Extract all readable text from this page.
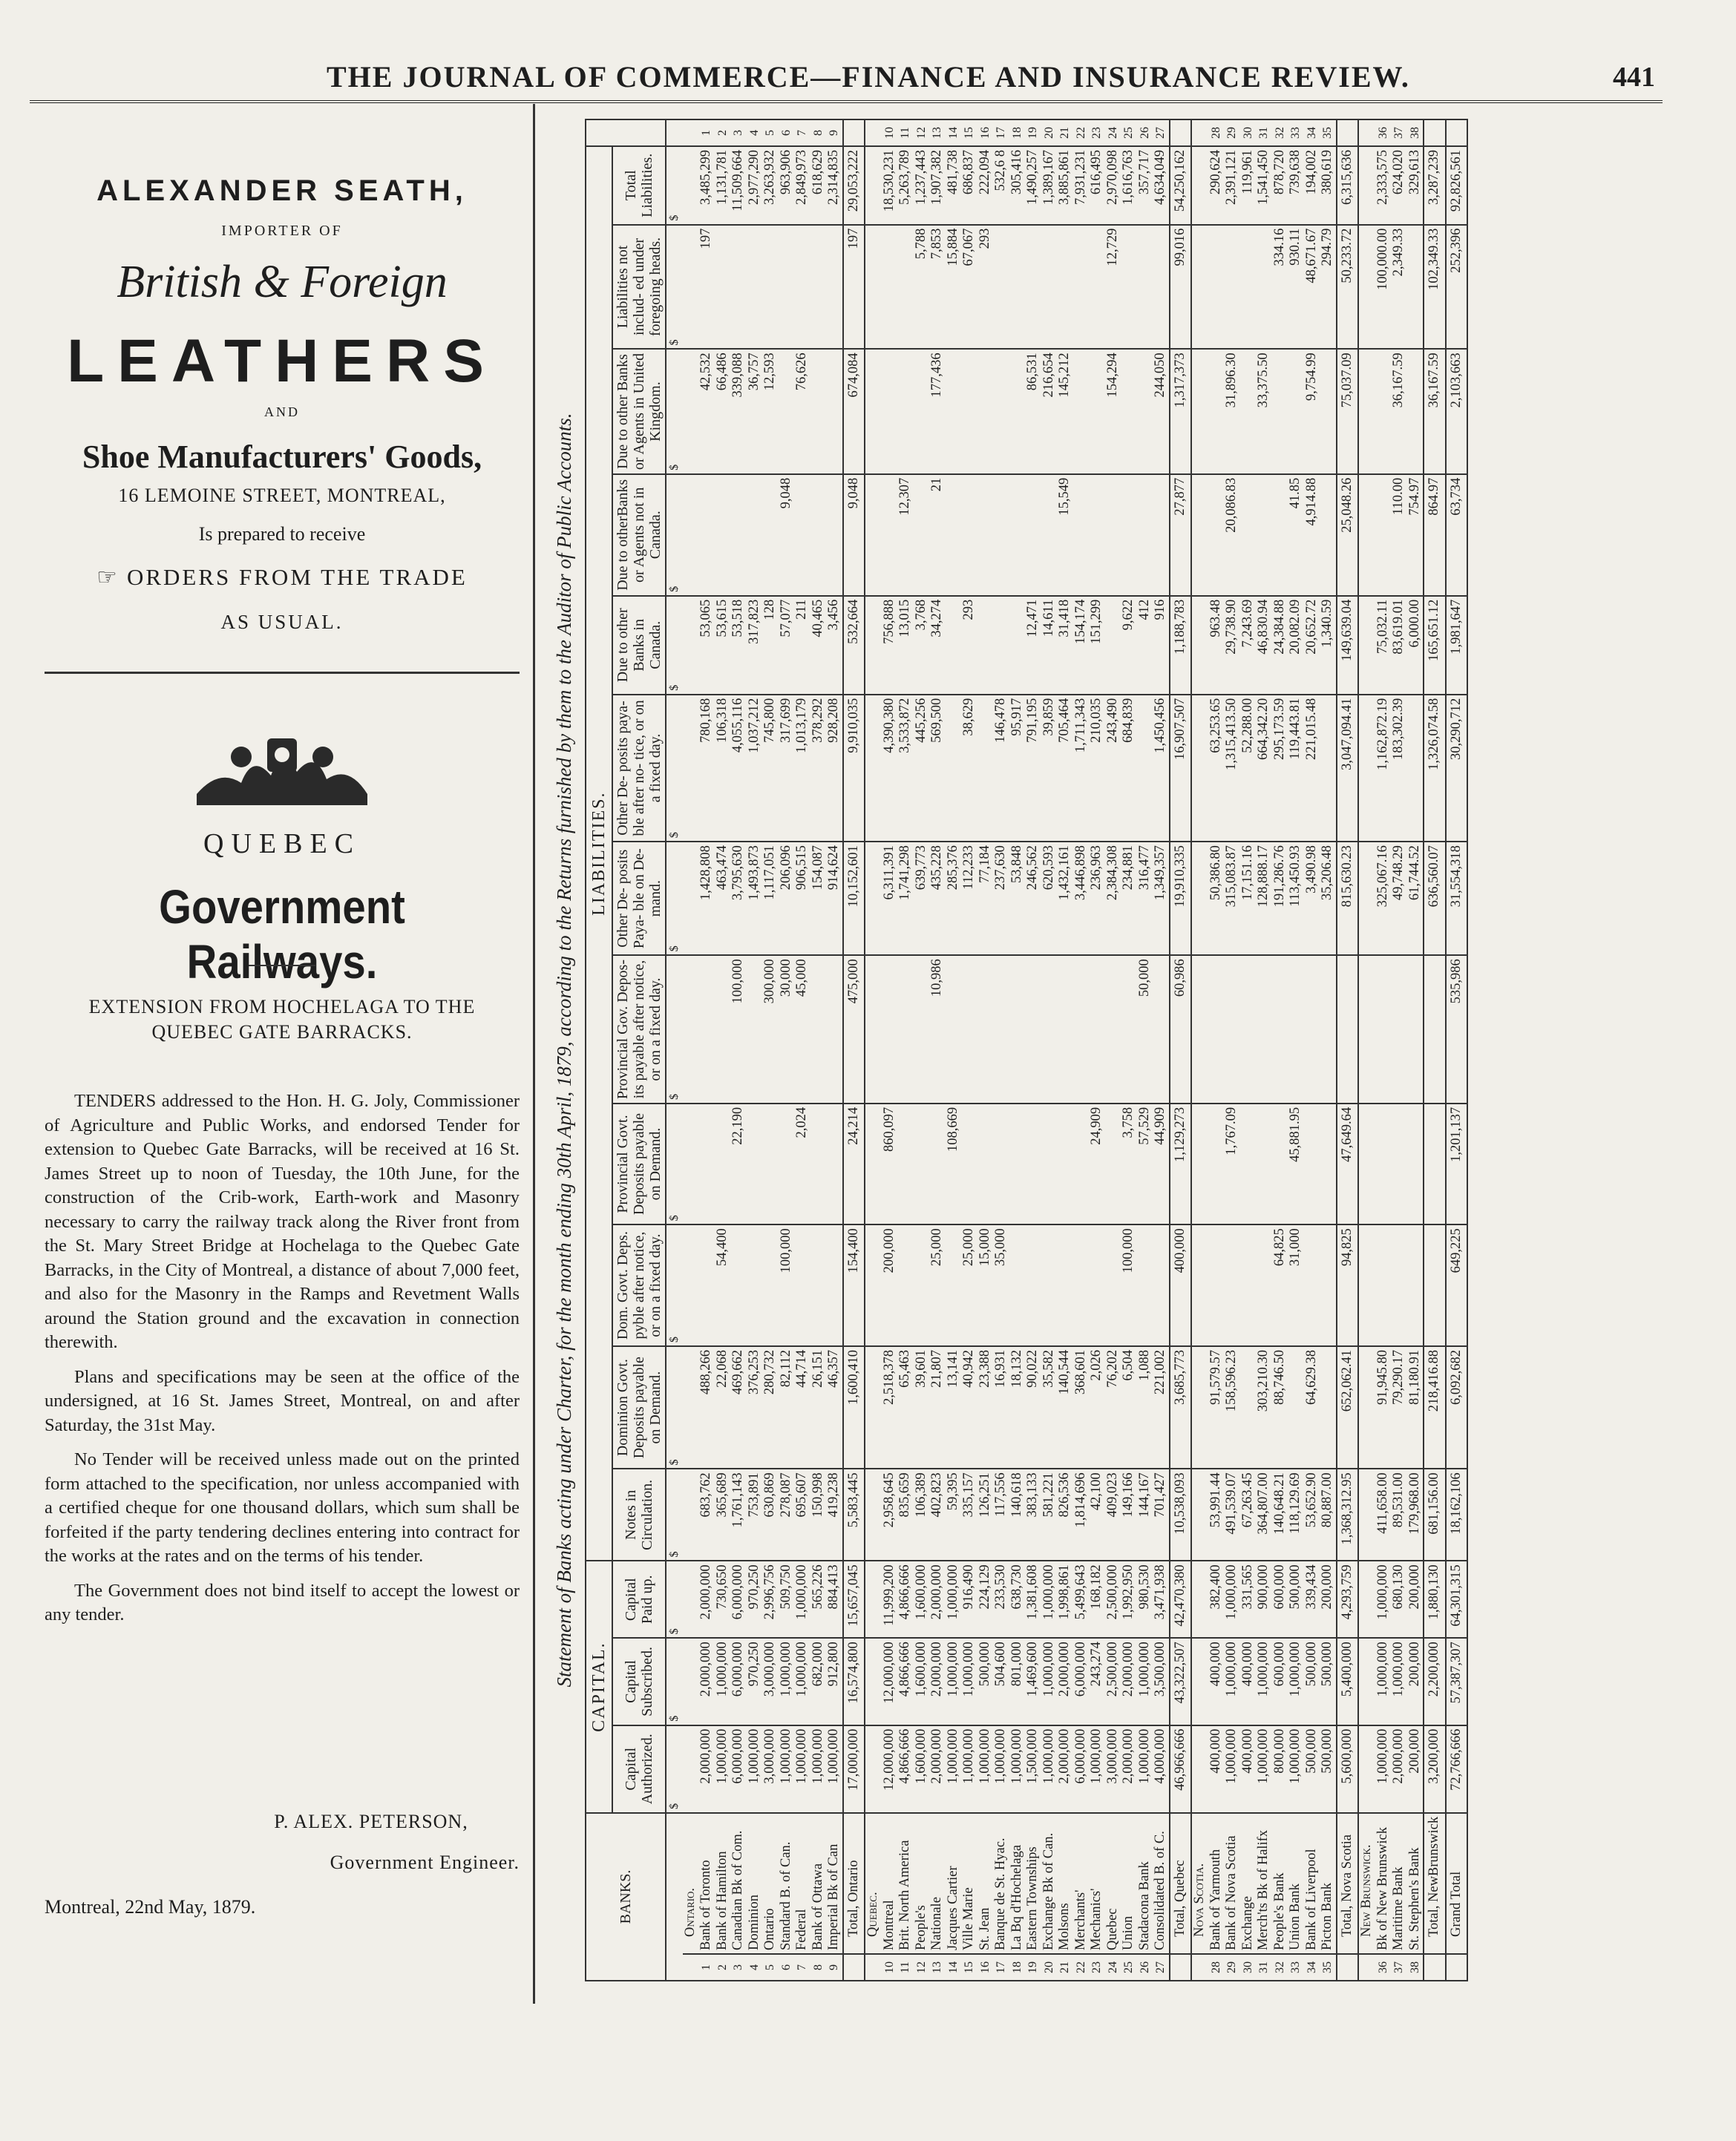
THE JOURNAL OF COMMERCE—FINANCE AND INSURANCE REVIEW.	441
ALEXANDER SEATH,
IMPORTER OF
British & Foreign
LEATHERS
AND
Shoe Manufacturers' Goods,
16 LEMOINE STREET, MONTREAL,
Is prepared to receive
☞ ORDERS FROM THE TRADE
AS USUAL.
QUEBEC
Government Railways.
EXTENSION FROM HOCHELAGA TO THE
QUEBEC GATE BARRACKS.

TENDERS addressed to the Hon. H. G. Joly, Commissioner of Agriculture and Public Works, and endorsed Tender for extension to Quebec Gate Barracks, will be received at 16 St. James Street up to noon of Tuesday, the 10th June, for the construction of the Crib-work, Earth-work and Masonry necessary to carry the railway track along the River front from the St. Mary Street Bridge at Hochelaga to the Quebec Gate Barracks, in the City of Montreal, a distance of about 7,000 feet, and also for the Masonry in the Ramps and Revetment Walls around the Station ground and the excavation in connection therewith.

Plans and specifications may be seen at the office of the undersigned, at 16 St. James Street, Montreal, on and after Saturday, the 31st May.

No Tender will be received unless made out on the printed form attached to the specification, nor unless accompanied with a certified cheque for one thousand dollars, which sum shall be forfeited if the party tendering declines entering into contract for the works at the rates and on the terms of his tender.

The Government does not bind itself to accept the lowest or any tender.

P. ALEX. PETERSON,
Government Engineer.
Montreal, 22nd May, 1879.
Statement of Banks acting under Charter, for the month ending 30th April, 1879, according to the Returns furnished by them to the Auditor of Public Accounts.
BANKS.		CAPITAL.			LIABILITIES.												
		Capital Authorized.	Capital Subscribed.	Capital Paid up.	Notes in Circulation.	Dominion Govt. Deposits payable on Demand.	Dom. Govt. Deps. pyble after notice, or on a fixed day.	Provincial Govt. Deposits payable on Demand.	Provincial Gov. Depos- its payable after notice, or on a fixed day.	Other De- posits Paya- ble on De- mand.	Other De- posits paya- ble after no- tice, or on a fixed day.	Due to other Banks in Canada.	Due to otherBanks or Agents not in Canada.	Due to other Banks or Agents in United Kingdom.	Liabilities not includ- ed under foregoing heads.	Total Liabilities.	
		$	$	$	$	$	$	$	$	$	$	$	$	$	$	$	
	Ontario.																
1	Bank of Toronto	2,000,000	2,000,000	2,000,000	683,762	488,266				1,428,808	780,168	53,065		42,532	197	3,485,299	1
2	Bank of Hamilton	1,000,000	1,000,000	730,650	365,689	22,068	54,400			463,474	106,318	53,615		66,486		1,131,781	2
3	Canadian Bk of Com.	6,000,000	6,000,000	6,000,000	1,761,143	469,662		22,190	100,000	3,795,630	4,055,116	53,518		339,088		11,509,664	3
4	Dominion	1,000,000	970,250	970,250	753,891	376,253				1,493,873	1,037,212	317,823		36,757		2,977,290	4
5	Ontario	3,000,000	3,000,000	2,996,756	630,869	280,732			300,000	1,117,051	745,800	128		12,593		3,263,932	5
6	Standard B. of Can.	1,000,000	1,000,000	509,750	278,087	82,112	100,000		30,000	206,096	317,699	57,077	9,048			963,906	6
7	Federal	1,000,000	1,000,000	1,000,000	695,607	44,714		2,024	45,000	906,515	1,013,179	211		76,626		2,849,973	7
8	Bank of Ottawa	1,000,000	682,000	565,226	150,998	26,151				154,087	378,292	40,465				618,629	8
9	Imperial Bk of Can	1,000,000	912,800	884,413	419,238	46,357				914,624	928,208	3,456				2,314,835	9
	Total, Ontario	17,000,000	16,574,800	15,657,045	5,583,445	1,600,410	154,400	24,214	475,000	10,152,601	9,910,035	532,664	9,048	674,084	197	29,053,222	
	Quebec.																
10	Montreal	12,000,000	12,000,000	11,999,200	2,958,645	2,518,378	200,000	860,097		6,311,391	4,390,380	756,888				18,530,231	10
11	Brit. North America	4,866,666	4,866,666	4,866,666	835,659	65,463				1,741,298	3,533,872	13,015	12,307			5,263,789	11
12	People's	1,600,000	1,600,000	1,600,000	106,389	39,601				639,773	445,256	3,768			5,788	1,237,443	12
13	Nationale	2,000,000	2,000,000	2,000,000	402,823	21,807	25,000		10,986	435,228	569,500	34,274	21	177,436	7,853	1,907,382	13
14	Jacques Cartier	1,000,000	1,000,000	1,000,000	59,395	13,141		108,669		285,376					15,884	481,738	14
15	Ville Marie	1,000,000	1,000,000	916,490	335,157	40,942	25,000			112,233	38,629	293			67,067	686,837	15
16	St. Jean	1,000,000	500,000	224,129	126,251	23,388	15,000			77,184					293	222,094	16
17	Banque de St. Hyac.	1,000,000	504,600	233,530	117,556	16,931	35,000			237,630	146,478					532,6 8	17
18	La Bq d'Hochelaga	1,000,000	801,000	638,730	140,618	18,132				53,848	95,917					305,416	18
19	Eastern Townships	1,500,000	1,469,600	1,381,608	383,133	90,022				246,562	791,195	12,471		86,531		1,490,257	19
20	Exchange Bk of Can.	1,000,000	1,000,000	1,000,000	581,221	35,582				620,593	39,859	14,611		216,654		1,389,167	20
21	Molsons	2,000,000	2,000,000	1,998,861	826,536	140,544				1,432,161	705,464	31,418	15,549	145,212		3,885,861	21
22	Merchants'	6,000,000	6,000,000	5,499,643	1,814,696	368,601				3,446,898	1,711,343	154,174				7,931,231	22
23	Mechanics'	1,000,000	243,274	168,182	42,100	2,026		24,909		236,963	210,035	151,299				616,495	23
24	Quebec	3,000,000	2,500,000	2,500,000	409,023	76,202				2,384,308	243,490			154,294	12,729	2,970,098	24
25	Union	2,000,000	2,000,000	1,992,950	149,166	6,504	100,000	3,758		234,881	684,839	9,622				1,616,763	25
26	Stadacona Bank	1,000,000	1,000,000	980,530	144,167	1,088		57,529	50,000	316,477		412				357,717	26
27	Consolidated B. of C.	4,000,000	3,500,000	3,471,938	701,427	221,002		44,909		1,349,357	1,450,456	916		244,050		4,634,049	27
	Total, Quebec	46,966,666	43,322,507	42,470,380	10,538,093	3,685,773	400,000	1,129,273	60,986	19,910,335	16,907,507	1,188,783	27,877	1,317,373	99,016	54,250,162	
	Nova Scotia.																
28	Bank of Yarmouth	400,000	400,000	382,400	53,991.44	91,579.57				50,386.80	63,253.65	963.48				290,624	28
29	Bank of Nova Scotia	1,000,000	1,000,000	1,000,000	491,539.07	158,596.23		1,767.09		315,083.87	1,315,413.50	29,738.90	20,086.83	31,896.30		2,391,121	29
30	Exchange	400,000	400,000	331,565	67,263.45					17,151.16	52,288.00	7,243.69				119,961	30
31	Merch'ts Bk of Halifx	1,000,000	1,000,000	900,000	364,807.00	303,210.30				128,888.17	664,342.20	46,830.94		33,375.50		1,541,450	31
32	People's Bank	800,000	600,000	600,000	140,648.21	88,746.50	64,825			191,286.76	295,173.59	24,384.88			334.16	878,720	32
33	Union Bank	1,000,000	1,000,000	500,000	118,129.69		31,000	45,881.95		113,450.93	119,443.81	20,082.09	41.85		930.11	739,638	33
34	Bank of Liverpool	500,000	500,000	339,434	53,652.90	64,629.38				3,490.98	221,015.48	20,652.72	4,914.88	9,754.99	48,671.67	194,002	34
35	Picton Bank	500,000	500,000	200,000	80,887.00					35,206.48		1,340.59			294.79	380,619	35
	Total, Nova Scotia	5,600,000	5,400,000	4,293,759	1,368,312.95	652,062.41	94,825	47,649.64		815,630.23	3,047,094.41	149,639.04	25,048.26	75,037.09	50,233.72	6,315,636	
	New Brunswick.																
36	Bk of New Brunswick	1,000,000	1,000,000	1,000,000	411,658.00	91,945.80				325,067.16	1,162,872.19	75,032.11			100,000.00	2,333,575	36
37	Maritime Bank	2,000,000	1,000,000	680,130	89,531.00	79,290.17				49,748.29	183,302.39	83,619.01	110.00	36,167.59	2,349.33	624,020	37
38	St. Stephen's Bank	200,000	200,000	200,000	179,968.00	81,180.91				61,744.52		6,000.00	754.97			329,613	38
	Total, NewBrunswick	3,200,000	2,200,000	1,880,130	681,156.00	218,416.88				636,560.07	1,326,074.58	165,651.12	864.97	36,167.59	102,349.33	3,287,239	
	Grand Total	72,766,666	57,387,307	64,301,315	18,162,106	6,092,682	649,225	1,201,137	535,986	31,554,318	30,290,712	1,981,647	63,734	2,103,663	252,396	92,826,561	
